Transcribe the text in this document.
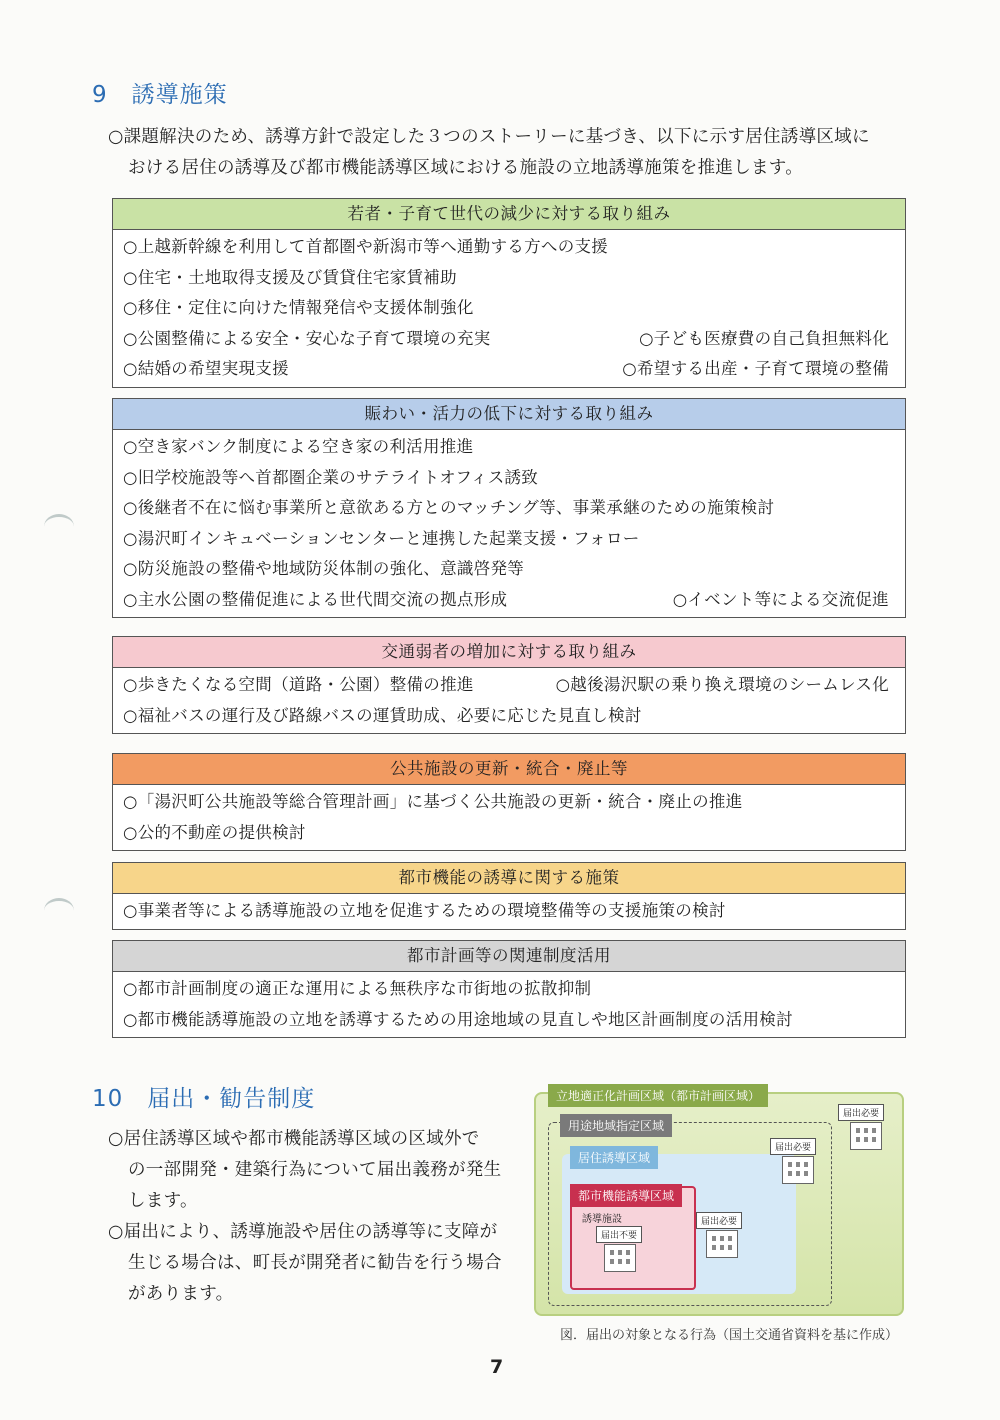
9　誘導施策
○課題解決のため、誘導方針で設定した３つのストーリーに基づき、以下に示す居住誘導区域に
おける居住の誘導及び都市機能誘導区域における施設の立地誘導施策を推進します。
若者・子育て世代の減少に対する取り組み
○上越新幹線を利用して首都圏や新潟市等へ通勤する方への支援
○住宅・土地取得支援及び賃貸住宅家賃補助
○移住・定住に向けた情報発信や支援体制強化
○公園整備による安全・安心な子育て環境の充実	○子ども医療費の自己負担無料化
○結婚の希望実現支援	○希望する出産・子育て環境の整備
賑わい・活力の低下に対する取り組み
○空き家バンク制度による空き家の利活用推進
○旧学校施設等へ首都圏企業のサテライトオフィス誘致
○後継者不在に悩む事業所と意欲ある方とのマッチング等、事業承継のための施策検討
○湯沢町インキュベーションセンターと連携した起業支援・フォロー
○防災施設の整備や地域防災体制の強化、意識啓発等
○主水公園の整備促進による世代間交流の拠点形成	○イベント等による交流促進
交通弱者の増加に対する取り組み
○歩きたくなる空間（道路・公園）整備の推進	○越後湯沢駅の乗り換え環境のシームレス化
○福祉バスの運行及び路線バスの運賃助成、必要に応じた見直し検討
公共施設の更新・統合・廃止等
○「湯沢町公共施設等総合管理計画」に基づく公共施設の更新・統合・廃止の推進
○公的不動産の提供検討
都市機能の誘導に関する施策
○事業者等による誘導施設の立地を促進するための環境整備等の支援施策の検討
都市計画等の関連制度活用
○都市計画制度の適正な運用による無秩序な市街地の拡散抑制
○都市機能誘導施設の立地を誘導するための用途地域の見直しや地区計画制度の活用検討
10　届出・勧告制度
○居住誘導区域や都市機能誘導区域の区域外で
の一部開発・建築行為について届出義務が発生
します。
○届出により、誘導施設や居住の誘導等に支障が
生じる場合は、町長が開発者に勧告を行う場合
があります。
立地適正化計画区域（都市計画区域）
用途地域指定区域
居住誘導区域
都市機能誘導区域
誘導施設
届出不要
届出必要
届出必要
届出必要
図．届出の対象となる行為（国土交通省資料を基に作成）
7
